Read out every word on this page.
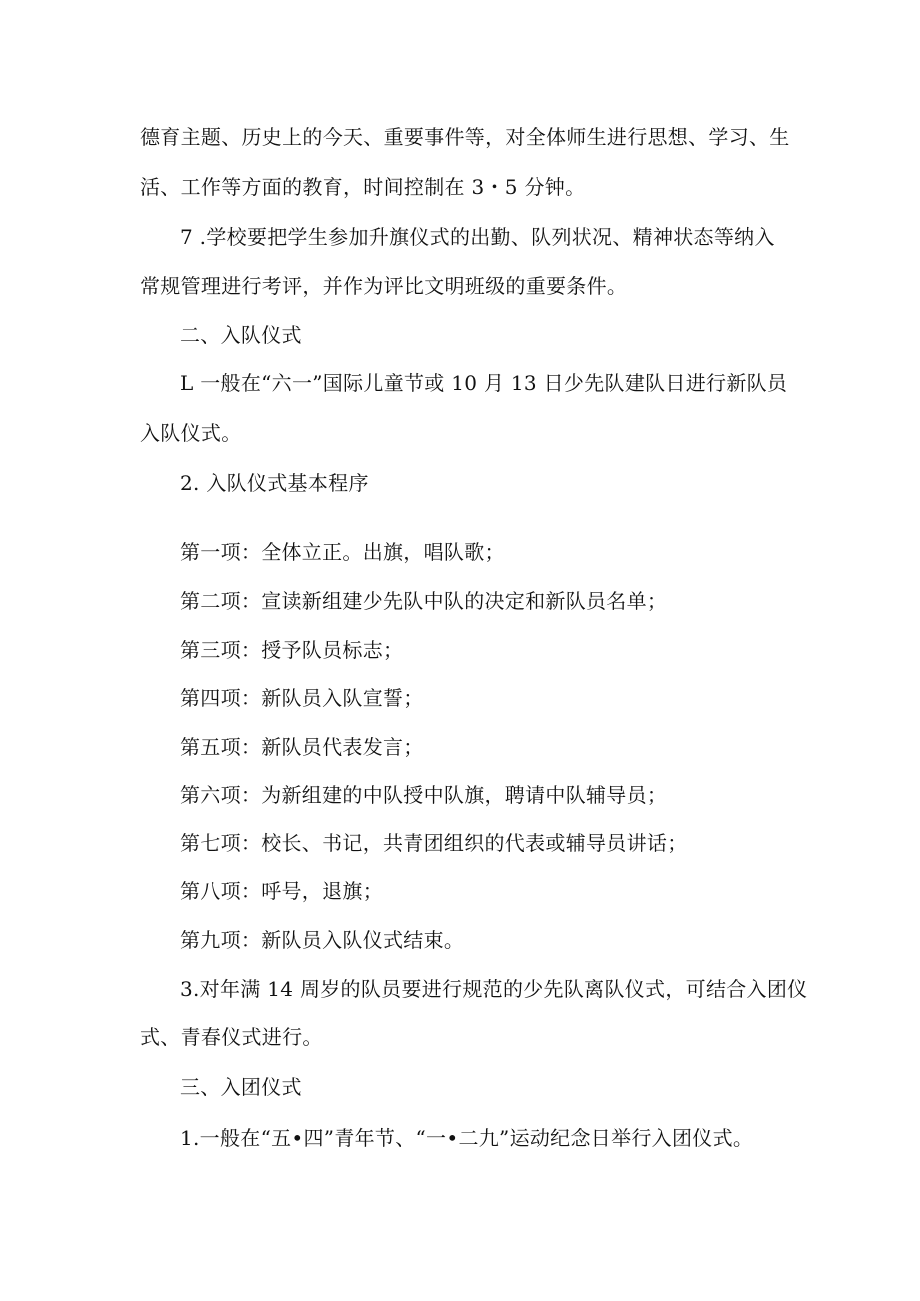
德育主题、历史上的今天、重要事件等，对全体师生进行思想、学习、生
活、工作等方面的教育，时间控制在 3・5 分钟。
7 .学校要把学生参加升旗仪式的出勤、队列状况、精神状态等纳入
常规管理进行考评，并作为评比文明班级的重要条件。
二、入队仪式
L 一般在“六一”国际儿童节或 10 月 13 日少先队建队日进行新队员
入队仪式。
2. 入队仪式基本程序
第一项：全体立正。出旗，唱队歌；
第二项：宣读新组建少先队中队的决定和新队员名单；
第三项：授予队员标志；
第四项：新队员入队宣誓；
第五项：新队员代表发言；
第六项：为新组建的中队授中队旗，聘请中队辅导员；
第七项：校长、书记，共青团组织的代表或辅导员讲话；
第八项：呼号，退旗；
第九项：新队员入队仪式结束。
3.对年满 14 周岁的队员要进行规范的少先队离队仪式，可结合入团仪
式、青春仪式进行。
三、入团仪式
1.一般在“五•四”青年节、“一•二九”运动纪念日举行入团仪式。
